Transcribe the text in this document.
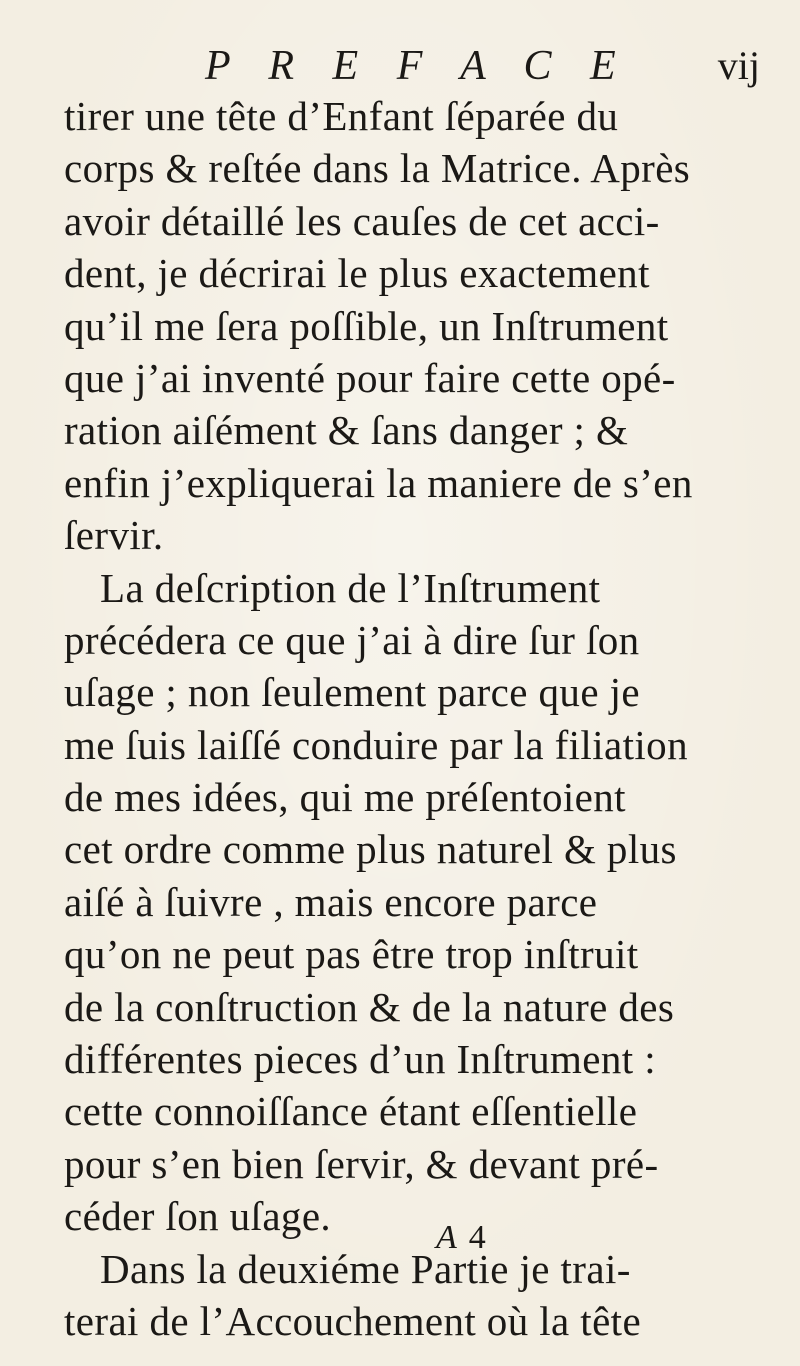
P R E F A C E vij
tirer une tête d’Enfant ſéparée du
corps & reſtée dans la Matrice. Après
avoir détaillé les cauſes de cet acci-
dent, je décrirai le plus exactement
qu’il me ſera poſſible, un Inſtrument
que j’ai inventé pour faire cette opé-
ration aiſément & ſans danger ; &
enfin j’expliquerai la maniere de s’en
ſervir.
La deſcription de l’Inſtrument
précédera ce que j’ai à dire ſur ſon
uſage ; non ſeulement parce que je
me ſuis laiſſé conduire par la filiation
de mes idées, qui me préſentoient
cet ordre comme plus naturel & plus
aiſé à ſuivre , mais encore parce
qu’on ne peut pas être trop inſtruit
de la conſtruction & de la nature des
différentes pieces d’un Inſtrument :
cette connoiſſance étant eſſentielle
pour s’en bien ſervir, & devant pré-
céder ſon uſage.
Dans la deuxiéme Partie je trai-
terai de l’Accouchement où la tête
A 4
